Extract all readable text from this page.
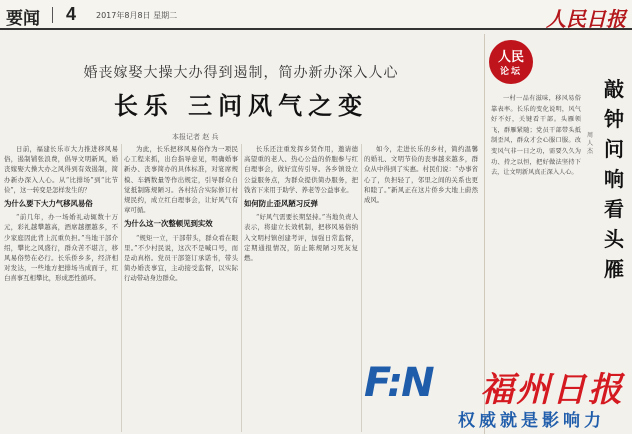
要闻 4 2017年8月8日 星期二	人民日报
婚丧嫁娶大操大办得到遏制，简办新办深入人心
长乐 三问风气之变
本报记者 赵 兵

日前，福建长乐市大力推进移风易俗，遏制铺张浪费，倡导文明新风，婚丧嫁娶大操大办之风得到有效遏制，简办新办深入人心。从“比排场”到“比节俭”，这一转变是怎样发生的？

为什么要下大力气移风易俗

“前几年，办一场婚礼动辄数十万元，彩礼越攀越高，酒席越摆越多，不少家庭因此背上沉重负担。”当地干部介绍，攀比之风盛行，群众苦不堪言，移风易俗势在必行。长乐侨乡多，经济相对发达，一些地方把排场当成面子，红白喜事互相攀比，形成恶性循环。

为此，长乐把移风易俗作为一项民心工程来抓，出台指导意见，明确婚事新办、丧事简办的具体标准，对宴席规模、车辆数量等作出规定，引导群众自觉抵制陈规陋习。各村结合实际修订村规民约，成立红白理事会，让好风气有章可循。

为什么这一次整顿见到实效

“规矩一立，干部带头，群众看在眼里。”不少村民说，这次不是喊口号，而是动真格。党员干部签订承诺书，带头简办婚丧事宜，主动接受监督，以实际行动带动身边群众。

长乐还注重发挥乡贤作用，邀请德高望重的老人、热心公益的侨胞参与红白理事会，做好宣传引导。各乡镇设立公益服务点，为群众提供简办服务，把钱省下来用于助学、养老等公益事业。

如何防止歪风陋习反弹

“好风气需要长期坚持。”当地负责人表示，将建立长效机制，把移风易俗纳入文明村镇创建考评，加强日常监督，定期通报情况，防止陈规陋习死灰复燃。

如今，走进长乐的乡村，简约温馨的婚礼、文明节俭的丧事越来越多，群众从中得到了实惠。村民们说：“办事省心了，负担轻了，邻里之间的关系也更和睦了。”新风正在这片侨乡大地上蔚然成风。

人民
论坛
敲钟问响看头雁
周人杰

一村一品有滋味，移风易俗靠表率。长乐的变化说明，风气好不好，关键看干部。头雁领飞，群雁紧随；党员干部带头抵制歪风，群众才会心服口服。改变风气非一日之功，需要久久为功、持之以恒，把好做法坚持下去，让文明新风真正深入人心。

F:N 福州日报
权威就是影响力
